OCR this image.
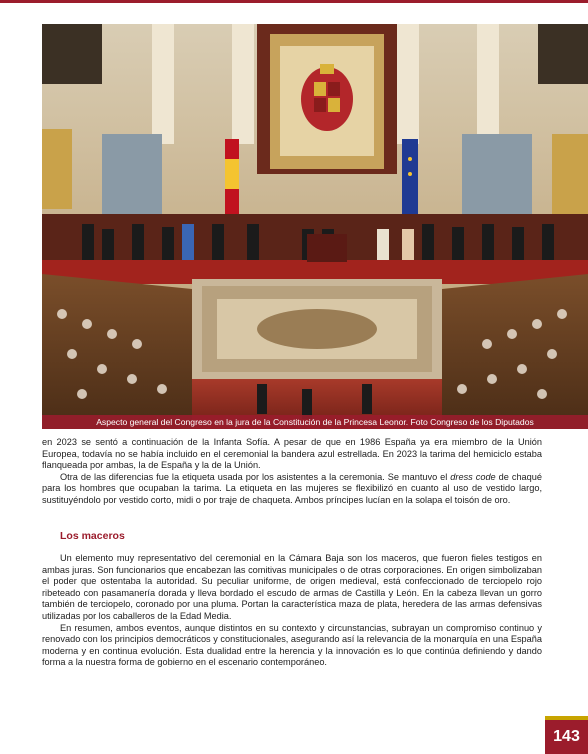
Aspecto general del Congreso en la jura de la Constitución de la Princesa Leonor. Foto Congreso de los Diputados

en 2023 se sentó a continuación de la Infanta Sofía. A pesar de que en 1986 España ya era miembro de la Unión Europea, todavía no se había incluido en el ceremonial la bandera azul estrellada. En 2023 la tarima del hemiciclo estaba flanqueada por ambas, la de España y la de la Unión.

Otra de las diferencias fue la etiqueta usada por los asistentes a la ceremonia. Se mantuvo el dress code de chaqué para los hombres que ocupaban la tarima. La etiqueta en las mujeres se flexibilizó en cuanto al uso de vestido largo, sustituyéndolo por vestido corto, midi o por traje de chaqueta. Ambos príncipes lucían en la solapa el toisón de oro.

Los maceros

Un elemento muy representativo del ceremonial en la Cámara Baja son los maceros, que fueron fieles testigos en ambas juras. Son funcionarios que encabezan las comitivas municipales o de otras corporaciones. En origen simbolizaban el poder que ostentaba la autoridad. Su peculiar uniforme, de origen medieval, está confeccionado de terciopelo rojo ribeteado con pasamanería dorada y lleva bordado el escudo de armas de Castilla y León. En la cabeza llevan un gorro también de terciopelo, coronado por una pluma. Portan la característica maza de plata, heredera de las armas defensivas utilizadas por los caballeros de la Edad Media.

En resumen, ambos eventos, aunque distintos en su contexto y circunstancias, subrayan un compromiso continuo y renovado con los principios democráticos y constitucionales, asegurando así la relevancia de la monarquía en una España moderna y en continua evolución. Esta dualidad entre la herencia y la innovación es lo que continúa definiendo y dando forma a la nuestra forma de gobierno en el escenario contemporáneo.

143
